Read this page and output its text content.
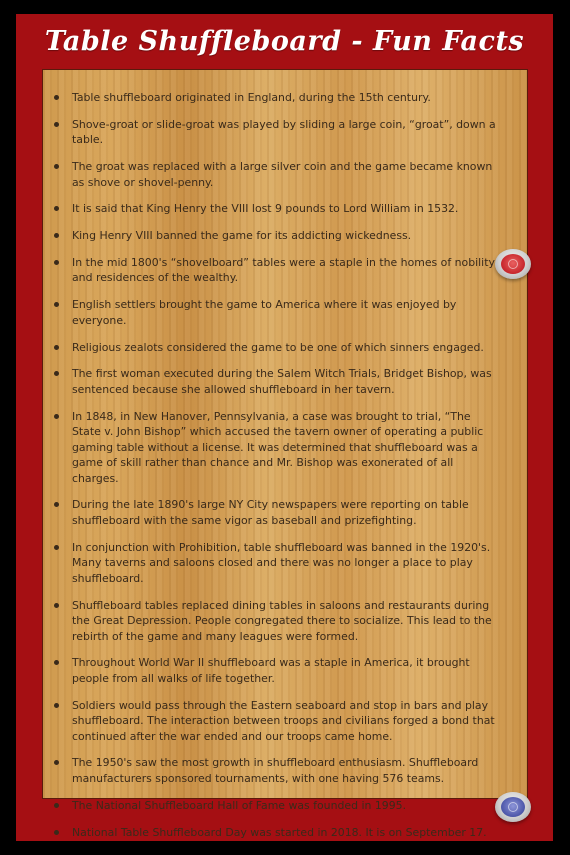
Table Shuffleboard - Fun Facts
Table shuffleboard originated in England, during the 15th century.
Shove-groat or slide-groat was played by sliding a large coin, “groat”, down a table.
The groat was replaced with a large silver coin and the game became known as shove or shovel-penny.
It is said that King Henry the VIII lost 9 pounds to Lord William in 1532.
King Henry VIII banned the game for its addicting wickedness.
In the mid 1800's “shovelboard” tables were a staple in the homes of nobility and residences of the wealthy.
English settlers brought the game to America where it was enjoyed by everyone.
Religious zealots considered the game to be one of which sinners engaged.
The first woman executed during the Salem Witch Trials, Bridget Bishop, was sentenced because she allowed shuffleboard in her tavern.
In 1848, in New Hanover, Pennsylvania, a case was brought to trial, “The State v. John Bishop” which accused the tavern owner of operating a public gaming table without a license. It was determined that shuffleboard was a game of skill rather than chance and Mr. Bishop was exonerated of all charges.
During the late 1890's large NY City newspapers were reporting on table shuffleboard with the same vigor as baseball and prizefighting.
In conjunction with Prohibition, table shuffleboard was banned in the 1920's. Many taverns and saloons closed and there was no longer a place to play shuffleboard.
Shuffleboard tables replaced dining tables in saloons and restaurants during the Great Depression. People congregated there to socialize. This lead to the rebirth of the game and many leagues were formed.
Throughout World War II shuffleboard was a staple in America, it brought people from all walks of life together.
Soldiers would pass through the Eastern seaboard and stop in bars and play shuffleboard. The interaction between troops and civilians forged a bond that continued after the war ended and our troops came home.
The 1950's saw the most growth in shuffleboard enthusiasm. Shuffleboard manufacturers sponsored tournaments, with one having 576 teams.
The National Shuffleboard Hall of Fame was founded in 1995.
National Table Shuffleboard Day was started in 2018. It is on September 17.
